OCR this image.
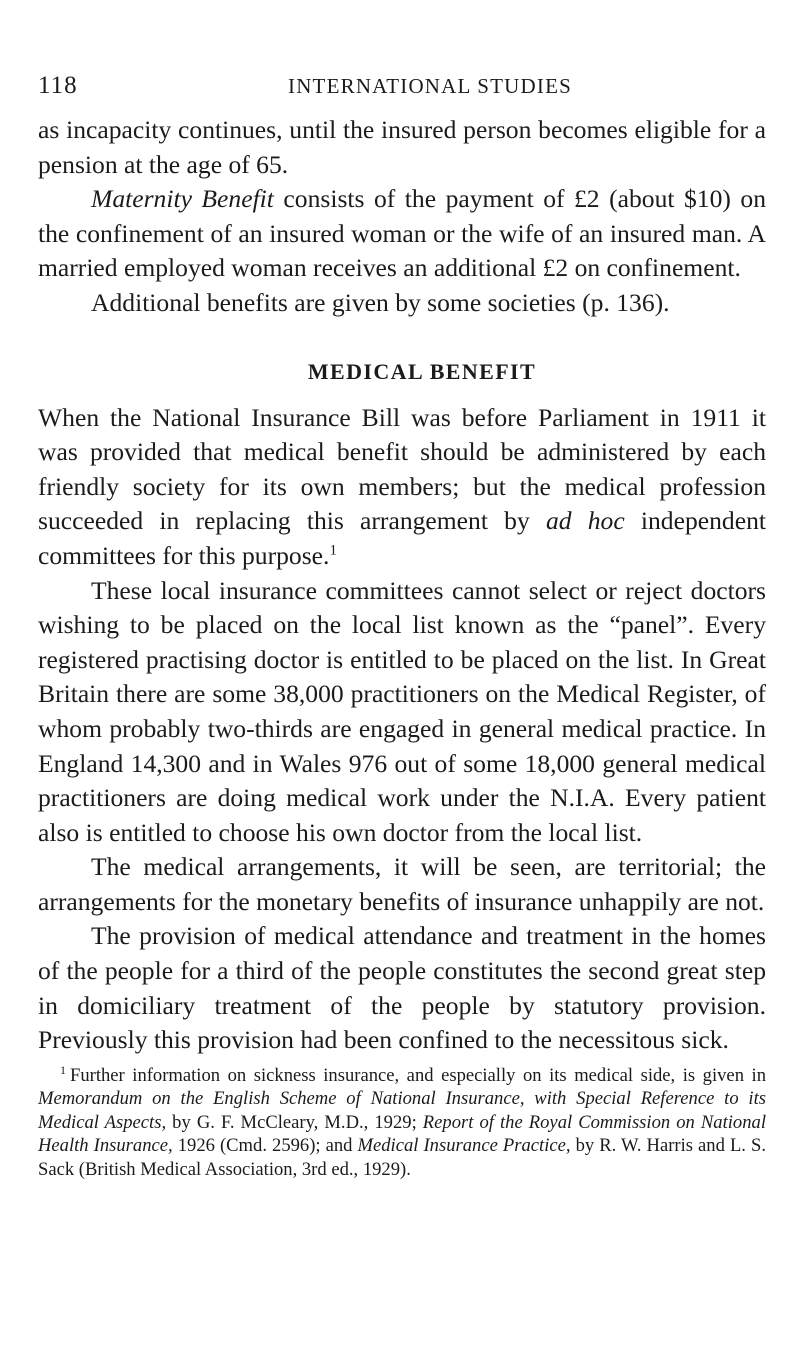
118	INTERNATIONAL STUDIES

as incapacity continues, until the insured person becomes eligible for a pension at the age of 65.

Maternity Benefit consists of the payment of £2 (about $10) on the confinement of an insured woman or the wife of an insured man. A married employed woman receives an additional £2 on confinement.

Additional benefits are given by some societies (p. 136).

MEDICAL BENEFIT

When the National Insurance Bill was before Parliament in 1911 it was provided that medical benefit should be administered by each friendly society for its own members; but the medical profession succeeded in replacing this arrangement by ad hoc independent committees for this purpose.$^1$

These local insurance committees cannot select or reject doctors wishing to be placed on the local list known as the “panel”. Every registered practising doctor is entitled to be placed on the list. In Great Britain there are some 38,000 practitioners on the Medical Register, of whom probably two-thirds are engaged in general medical practice. In England 14,300 and in Wales 976 out of some 18,000 general medical practitioners are doing medical work under the N.I.A. Every patient also is entitled to choose his own doctor from the local list.

The medical arrangements, it will be seen, are territorial; the arrangements for the monetary benefits of insurance unhappily are not.

The provision of medical attendance and treatment in the homes of the people for a third of the people constitutes the second great step in domiciliary treatment of the people by statutory provision. Previously this provision had been confined to the necessitous sick.

$^1$ Further information on sickness insurance, and especially on its medical side, is given in Memorandum on the English Scheme of National Insurance, with Special Reference to its Medical Aspects, by G. F. McCleary, M.D., 1929; Report of the Royal Commission on National Health Insurance, 1926 (Cmd. 2596); and Medical Insurance Practice, by R. W. Harris and L. S. Sack (British Medical Association, 3rd ed., 1929).
